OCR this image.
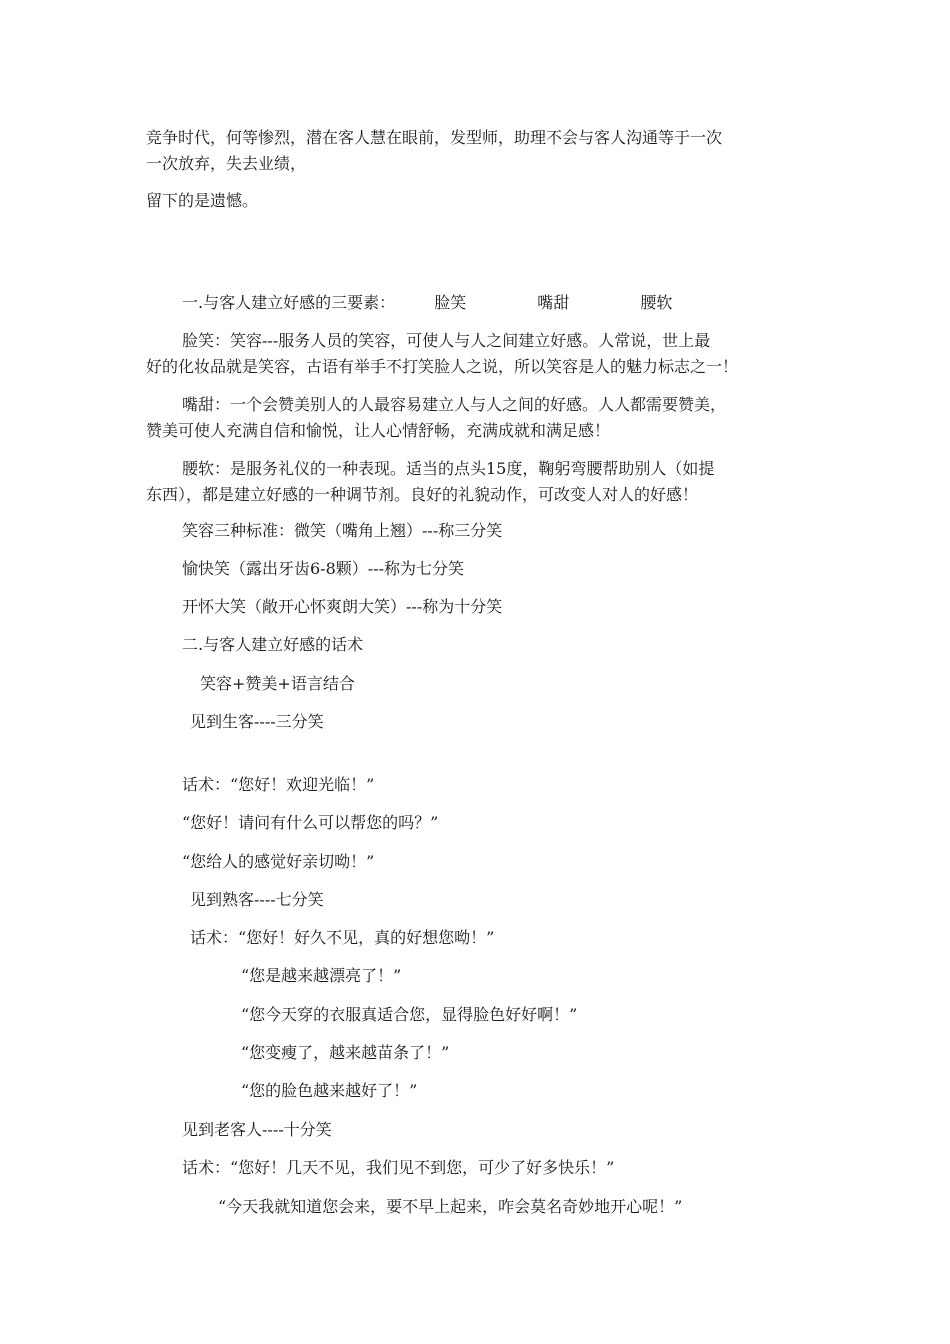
竞争时代，何等惨烈，潜在客人慧在眼前，发型师，助理不会与客人沟通等于一次
一次放弃，失去业绩，
留下的是遗憾。
一.与客人建立好感的三要素： 脸笑	嘴甜	腰软
脸笑：笑容---服务人员的笑容，可使人与人之间建立好感。人常说，世上最
好的化妆品就是笑容，古语有举手不打笑脸人之说，所以笑容是人的魅力标志之一！
嘴甜：一个会赞美别人的人最容易建立人与人之间的好感。人人都需要赞美，
赞美可使人充满自信和愉悦，让人心情舒畅，充满成就和满足感！
腰软：是服务礼仪的一种表现。适当的点头15度，鞠躬弯腰帮助别人（如提
东西），都是建立好感的一种调节剂。良好的礼貌动作，可改变人对人的好感！
笑容三种标准：微笑（嘴角上翘）---称三分笑
愉快笑（露出牙齿6-8颗）---称为七分笑
开怀大笑（敞开心怀爽朗大笑）---称为十分笑
二.与客人建立好感的话术
笑容+赞美+语言结合
见到生客----三分笑
话术：“您好！欢迎光临！”
“您好！请问有什么可以帮您的吗？”
“您给人的感觉好亲切呦！”
见到熟客----七分笑
话术：“您好！好久不见，真的好想您呦！”
“您是越来越漂亮了！”
“您今天穿的衣服真适合您，显得脸色好好啊！”
“您变瘦了，越来越苗条了！”
“您的脸色越来越好了！”
见到老客人----十分笑
话术：“您好！几天不见，我们见不到您，可少了好多快乐！”
“今天我就知道您会来，要不早上起来，咋会莫名奇妙地开心呢！”
